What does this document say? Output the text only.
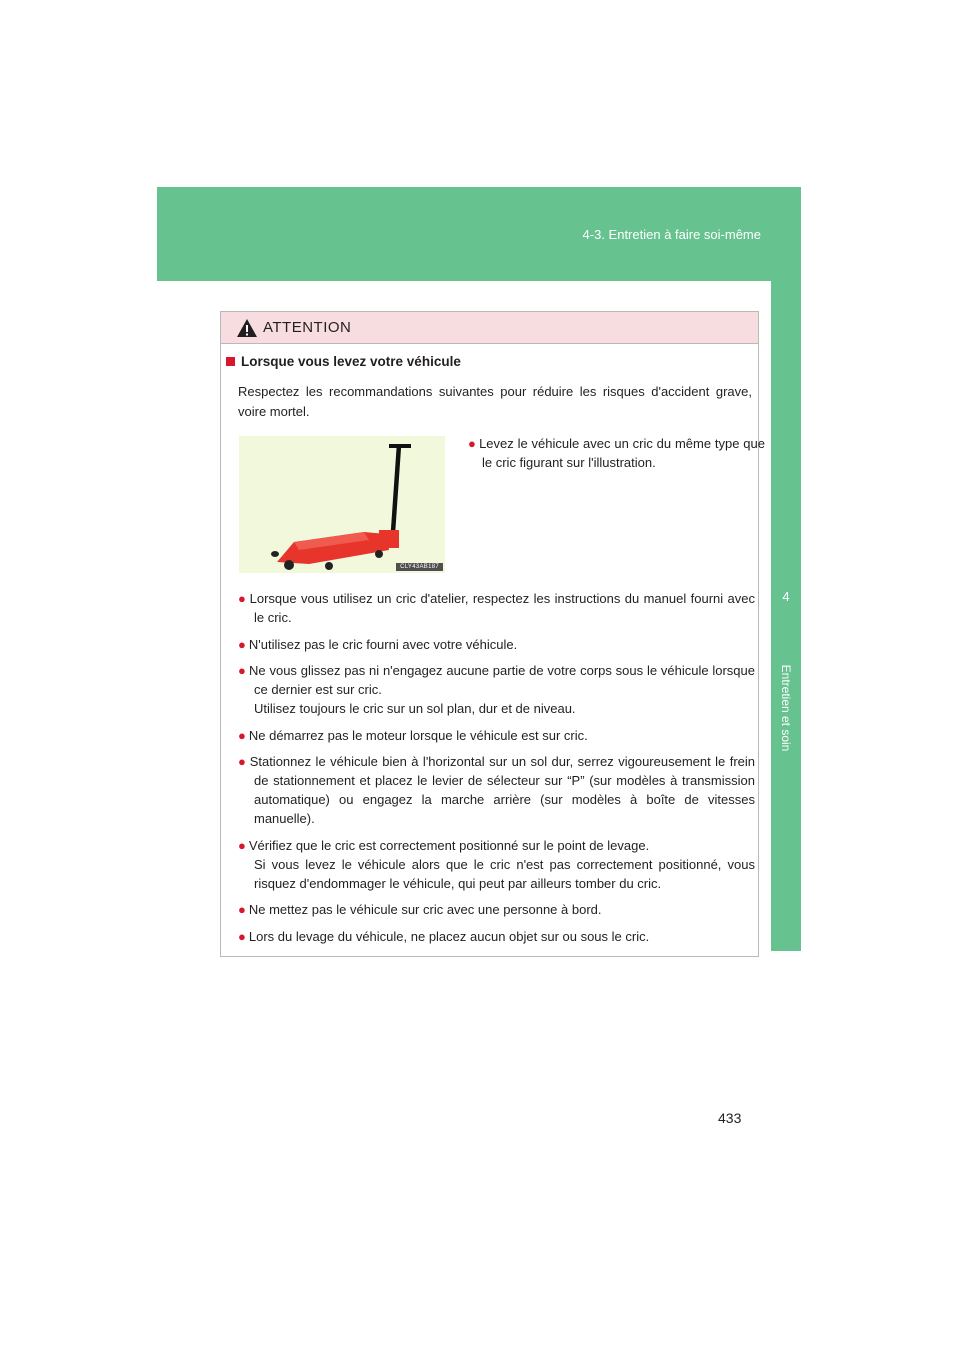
4-3. Entretien à faire soi-même
4
Entretien et soin
ATTENTION
Lorsque vous levez votre véhicule
Respectez les recommandations suivantes pour réduire les risques d'accident grave, voire mortel.
CLY43AB187
● Levez le véhicule avec un cric du même type que le cric figurant sur l'illustration.
● Lorsque vous utilisez un cric d'atelier, respectez les instructions du manuel fourni avec le cric.
● N'utilisez pas le cric fourni avec votre véhicule.
● Ne vous glissez pas ni n'engagez aucune partie de votre corps sous le véhicule lorsque ce dernier est sur cric.
Utilisez toujours le cric sur un sol plan, dur et de niveau.
● Ne démarrez pas le moteur lorsque le véhicule est sur cric.
● Stationnez le véhicule bien à l'horizontal sur un sol dur, serrez vigoureusement le frein de stationnement et placez le levier de sélecteur sur “P” (sur modèles à transmission automatique) ou engagez la marche arrière (sur modèles à boîte de vitesses manuelle).
● Vérifiez que le cric est correctement positionné sur le point de levage.
Si vous levez le véhicule alors que le cric n'est pas correctement positionné, vous risquez d'endommager le véhicule, qui peut par ailleurs tomber du cric.
● Ne mettez pas le véhicule sur cric avec une personne à bord.
● Lors du levage du véhicule, ne placez aucun objet sur ou sous le cric.
433
